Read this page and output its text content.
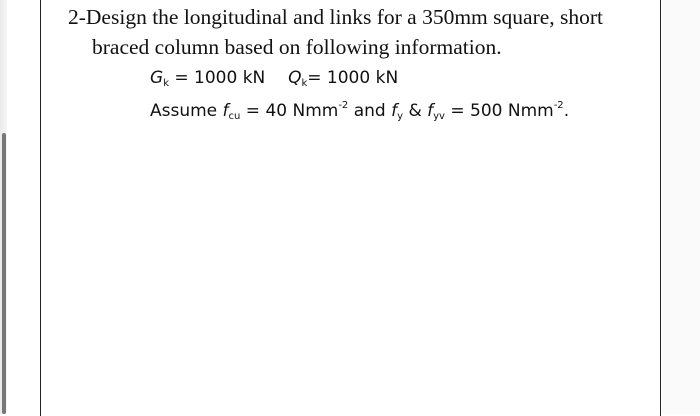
2-Design the longitudinal and links for a 350mm square, short
braced column based on following information.
$G_k = 1000$ kN $Q_k= 1000$ kN
Assume $f_{cu} = 40$ Nmm$^{-2}$ and $f_y$ & $f_{yv} = 500$ Nmm$^{-2}$.
